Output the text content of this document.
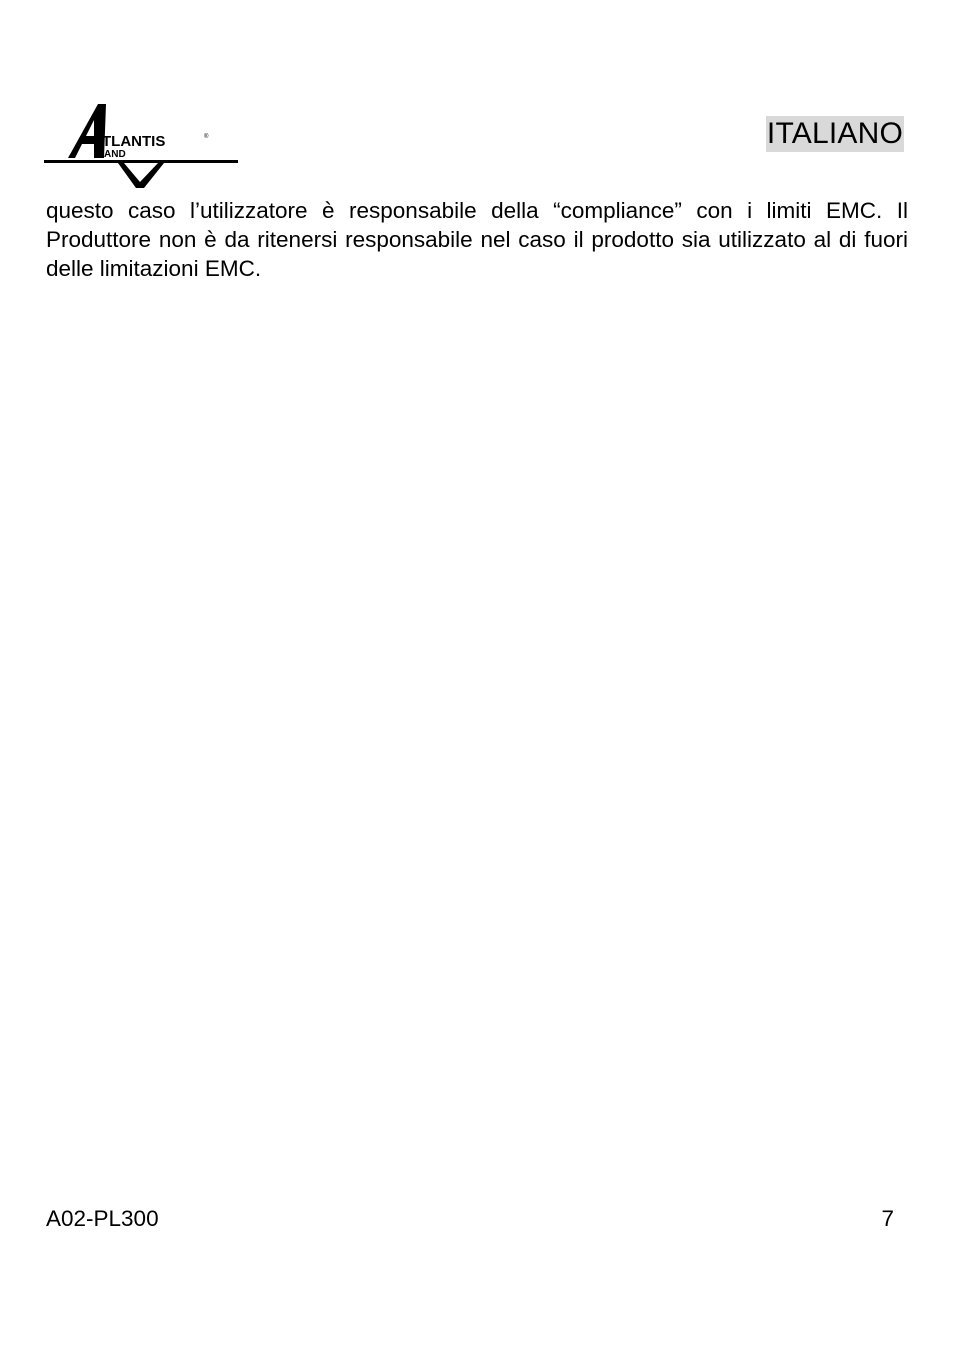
TLANTIS	®
AND
ITALIANO

questo caso l’utilizzatore è responsabile della “compliance” con i limiti EMC. Il Produttore non è da ritenersi responsabile nel caso il prodotto sia utilizzato al di fuori delle limitazioni EMC.

A02-PL300	7
